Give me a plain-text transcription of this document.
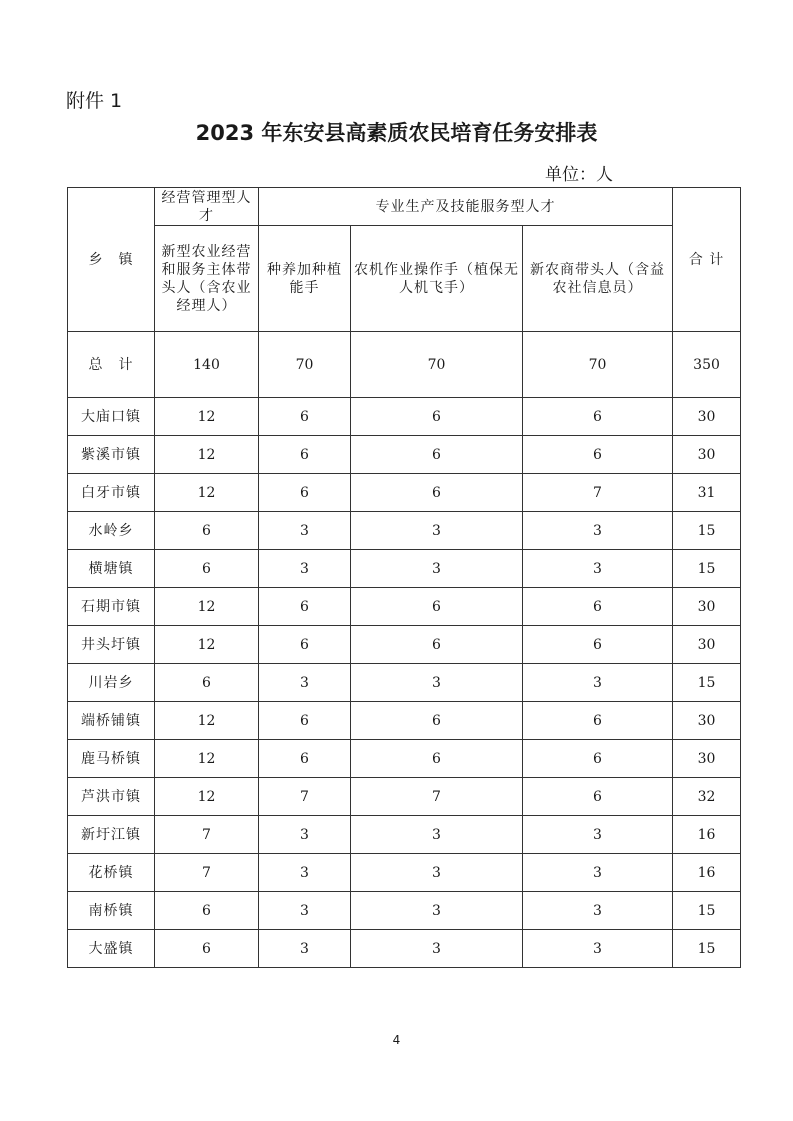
附件 1
2023 年东安县高素质农民培育任务安排表
单位：人
乡　镇	经营管理型人才	专业生产及技能服务型人才			合 计
	新型农业经营和服务主体带头人（含农业经理人）	种养加种植能手	农机作业操作手（植保无人机飞手）	新农商带头人（含益农社信息员）	
总　计	140	70	70	70	350
大庙口镇	12	6	6	6	30
紫溪市镇	12	6	6	6	30
白牙市镇	12	6	6	7	31
水岭乡	6	3	3	3	15
横塘镇	6	3	3	3	15
石期市镇	12	6	6	6	30
井头圩镇	12	6	6	6	30
川岩乡	6	3	3	3	15
端桥铺镇	12	6	6	6	30
鹿马桥镇	12	6	6	6	30
芦洪市镇	12	7	7	6	32
新圩江镇	7	3	3	3	16
花桥镇	7	3	3	3	16
南桥镇	6	3	3	3	15
大盛镇	6	3	3	3	15
4
